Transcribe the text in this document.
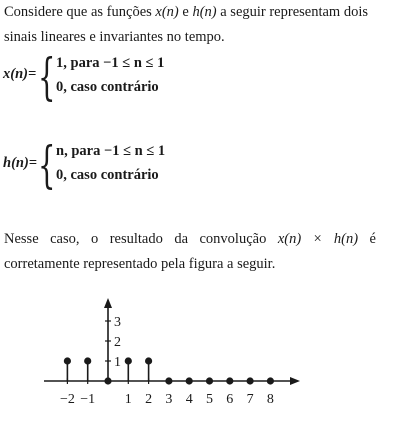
Considere que as funções x(n) e h(n) a seguir representam dois
sinais lineares e invariantes no tempo.
x(n)= { 1, para −1 ≤ n ≤ 1
0, caso contrário
h(n)= { n, para −1 ≤ n ≤ 1
0, caso contrário
Nesse caso, o resultado da convolução x(n) × h(n) é
corretamente representado pela figura a seguir.
1
2
3
−2 −1 1 2 3 4 5 6 7 8
